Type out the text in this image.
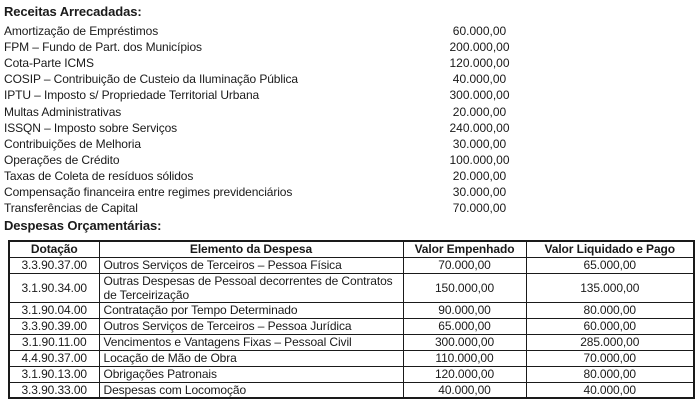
Receitas Arrecadadas:
Amortização de Empréstimos	60.000,00
FPM – Fundo de Part. dos Municípios	200.000,00
Cota-Parte ICMS	120.000,00
COSIP – Contribuição de Custeio da Iluminação Pública	40.000,00
IPTU – Imposto s/ Propriedade Territorial Urbana	300.000,00
Multas Administrativas	20.000,00
ISSQN – Imposto sobre Serviços	240.000,00
Contribuições de Melhoria	30.000,00
Operações de Crédito	100.000,00
Taxas de Coleta de resíduos sólidos	20.000,00
Compensação financeira entre regimes previdenciários	30.000,00
Transferências de Capital	70.000,00
Despesas Orçamentárias:
Dotação	Elemento da Despesa	Valor Empenhado	Valor Liquidado e Pago
3.3.90.37.00	Outros Serviços de Terceiros – Pessoa Física	70.000,00	65.000,00
3.1.90.34.00	Outras Despesas de Pessoal decorrentes de Contratos de Terceirização	150.000,00	135.000,00
3.1.90.04.00	Contratação por Tempo Determinado	90.000,00	80.000,00
3.3.90.39.00	Outros Serviços de Terceiros – Pessoa Jurídica	65.000,00	60.000,00
3.1.90.11.00	Vencimentos e Vantagens Fixas – Pessoal Civil	300.000,00	285.000,00
4.4.90.37.00	Locação de Mão de Obra	110.000,00	70.000,00
3.1.90.13.00	Obrigações Patronais	120.000,00	80.000,00
3.3.90.33.00	Despesas com Locomoção	40.000,00	40.000,00
